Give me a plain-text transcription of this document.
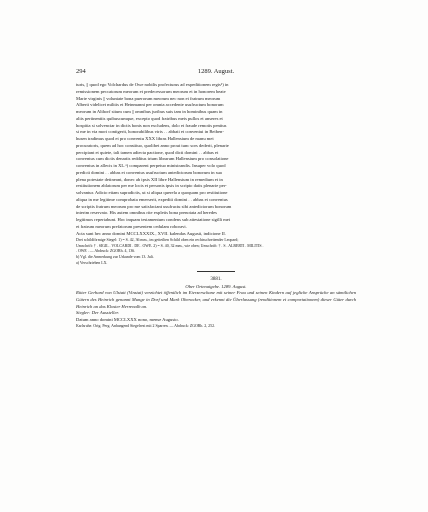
294	1289. August.

turis, || quod ego Volchardus de Owe nobilis profecturus ad expeditionem regis¹) in

remissionem peccatorum meorum et predecessorum meorum et in honorem beate

Marie virginis || voluntate bona puerorum meorum nec non et fratrum meorum

Alberti videlicet militis et Heinmanni per omnia accedente usufructum bonorum

meorum in Althorf situm cum || omnibus juribus suis tam in hominibus quam in

aliis pertinentiis quibuscumque, excepto quod fratribus meis pullos et anseres et

hospitia si solvenciar in dictis bonis non excludens, dolo et fraude remotis penitus

si me in via mori contigerit, honorabilibus viris . . abbati et conventui in Beiben-

husen tradimus quod et pro conventu XXX libras Hallensium de manu mei

procuratoris, quem ad hoc constituo, quolibet anno prout tunc sors dederit, plenarie

percipiant et quiete, tali tamen adiecta pactione, quod dicti domini . . abbas et

conventus cum dictis denariis redditus trium librarum Hallensium pro consolatione

conventus in allecis in XL.ᵃ) comparent perpetuo ministrandis. Insuper volo quod

predicti domini . . abbas et conventus usufructum antedictorum bonorum in sua

plena potestate detineant, donec ab ipsis XII libre Hallensium in remedium et in

restitutionem ablatorum per me locis et personis ipsis in scripto datis plenarie per-

solvantur. Adicio etiam supradictis, ut si aliqua querela a quoquam pro restitutione

aliqua in me legitime comprobata emerserit, expediti domini . . abbas et conventus

de scriptis fratrum meorum pro me satisfaciant usufructu sibi antedictorum bonorum

interim reservato. His autem omnibus rite expletis bona prenotata ad heredes

legitimos repertabunt. Hoc inquam testamentum condens sub attestatione sigilli mei

et fratrum meorum prefatorum presentem cedulam roboravi.

Acta sunt hec anno domini MCCLXXXIX., XVII. kalendas Augusti, indicione II.

Drei schildförmige Siegel: 1) = S. 42, 36 mm., im getteilten Schild oben ein rechtsschreitender Leopard;

Umschrift: † . SIGIL . VOLCARDI . DE . OWE. 2) = S. 40, 32 mm., wie oben; Umschrift: † . S . ALBERTI . MILITIS .

. OWE . — Abdruck: ZGORh. 4, 136.

b) Vgl. die Anmerkung zur Urkunde vom 13. Juli.

a) Verschrieben LX.

3881.

Ober Ortenaigebe. 1289. August.

Ritter Gerhard von Ulstatt (Vinstat) verzichtet öffentlich im Eierzerschane mit seiner Frau und seinen Kindern auf jegliche Ansprüche an sämtlichen Gütern des Heinrich genannt Munge in Dorf und Mark Oberacker, und erkennt die Überlassung (renditionem et comportationem) dieser Güter durch Heinrich an das Kloster Herrenalb an.

Siegler: Der Aussteller.

Datum anno domini MCCLXXX nono, mense Augusto.

Karlsruhe. Orig. Perg. Anhangend Siegelrest mit 2 Sparren. — Abdruck: ZGORh. 2, 252.
